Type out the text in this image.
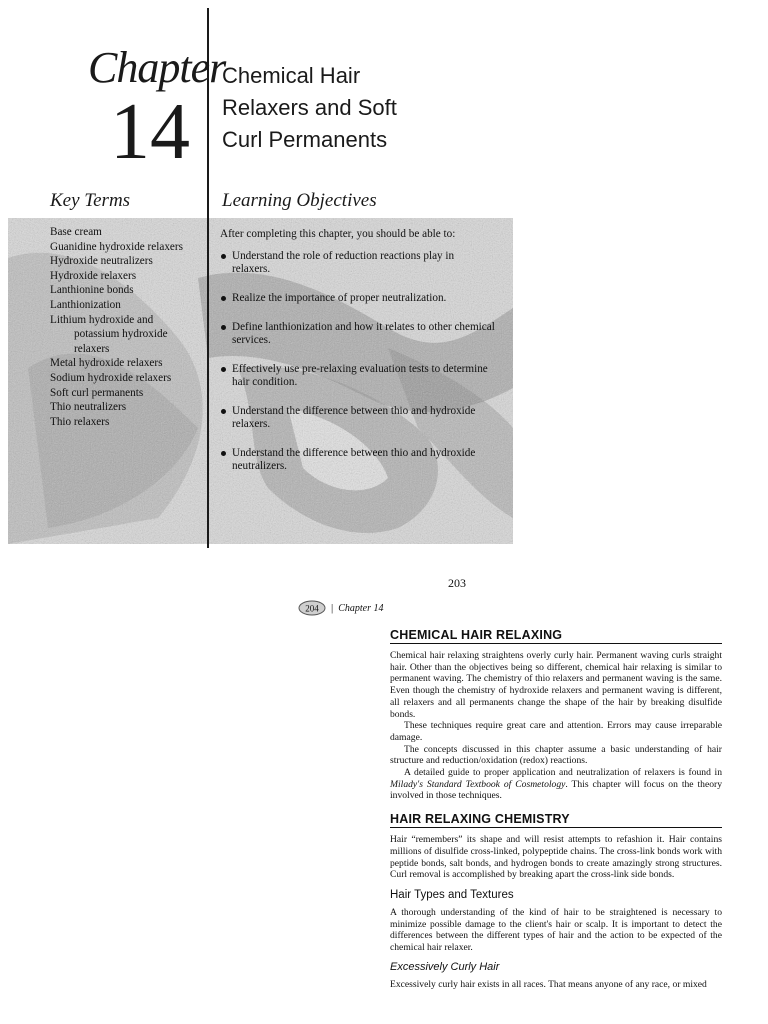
Chapter
14
Chemical Hair
Relaxers and Soft
Curl Permanents
Key Terms	Learning Objectives
Base cream
Guanidine hydroxide relaxers
Hydroxide neutralizers
Hydroxide relaxers
Lanthionine bonds
Lanthionization
Lithium hydroxide and
potassium hydroxide
relaxers
Metal hydroxide relaxers
Sodium hydroxide relaxers
Soft curl permanents
Thio neutralizers
Thio relaxers
After completing this chapter, you should be able to:
Understand the role of reduction reactions play in relaxers.
Realize the importance of proper neutralization.
Define lanthionization and how it relates to other chemical services.
Effectively use pre-relaxing evaluation tests to determine hair condition.
Understand the difference between thio and hydroxide relaxers.
Understand the difference between thio and hydroxide neutralizers.
203
204 | Chapter 14
CHEMICAL HAIR RELAXING

Chemical hair relaxing straightens overly curly hair. Permanent waving curls straight hair. Other than the objectives being so different, chemical hair relaxing is similar to permanent waving. The chemistry of thio relaxers and permanent waving is the same. Even though the chemistry of hydroxide relaxers and permanent waving is different, all relaxers and all permanents change the shape of the hair by breaking disulfide bonds.

These techniques require great care and attention. Errors may cause irreparable damage.

The concepts discussed in this chapter assume a basic understanding of hair structure and reduction/oxidation (redox) reactions.

A detailed guide to proper application and neutralization of relaxers is found in Milady's Standard Textbook of Cosmetology. This chapter will focus on the theory involved in those techniques.

HAIR RELAXING CHEMISTRY

Hair “remembers” its shape and will resist attempts to refashion it. Hair contains millions of disulfide cross-linked, polypeptide chains. The cross-link bonds work with peptide bonds, salt bonds, and hydrogen bonds to create amazingly strong structures. Curl removal is accomplished by breaking apart the cross-link side bonds.

Hair Types and Textures

A thorough understanding of the kind of hair to be straightened is necessary to minimize possible damage to the client's hair or scalp. It is important to detect the differences between the different types of hair and the action to be expected of the chemical hair relaxer.

Excessively Curly Hair

Excessively curly hair exists in all races. That means anyone of any race, or mixed
